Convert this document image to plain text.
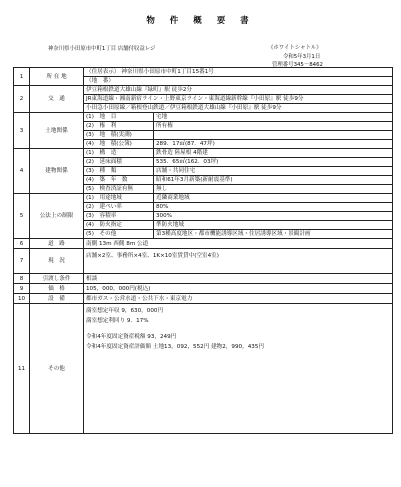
物 件 概 要 書
神奈川県小田原市中町1丁目 店舗付収益レジ	《ホワイトシャトル》
令和5年3月1日
管理番号345－8462
1	所 在 地	（住居表示） 神奈川県小田原市中町1丁目15番1号	
		（地　番）	
2	交　通	伊豆箱根鉄道大雄山線『緑町』駅 徒歩2分	
		JR東海道線・湘南新宿ライン・上野東京ライン・東海道線新幹線『小田原』駅 徒歩9分	
		小田急小田原線／箱根登山鉄道／伊豆箱根鉄道大雄山線『小田原』駅 徒歩9分	
3	土地関係	(1)　地　目	宅地
		(2)　権　利	所有権
		(3)　地　積(実測)	
		(4)　地　積(公簿)	289．17㎡(87．47坪)
4	建物関係	(1)　構　造	鉄骨造 陸屋根 4階建
		(2)　延床面積	535．65㎡(162．03坪)
		(3)　種　類	店舗・共同住宅
		(4)　築　年　数	昭和61年3月新築(新耐震基準)
		(5)　検査済証有無	無し
5	公法上の制限	(1)　用途地域	近隣商業地域
		(2)　建ぺい率	80%
		(3)　容積率	300%
		(4)　防火指定	準防火地域
		(5)　その他	第3種高度地区・都市機能誘導区域・住居誘導区域・景観計画
6	道　路	南側 13m 西側 8m 公道	
7	現　況	店舗×2室、事務所×4室、1K×10室賃貸中(空室4室)	

8	引渡し条件	相談	
9	価　格	105，000，000円(税込)	
10	設　備	都市ガス・公営水道・公共下水・東京電力	
11	その他	満室想定年収 9，630，000円
満室想定利回り 9．17%
令和4年度固定資産税額 93，249円
令和4年度固定資産評価額 土地13，092，552円 建物2，990，435円	
